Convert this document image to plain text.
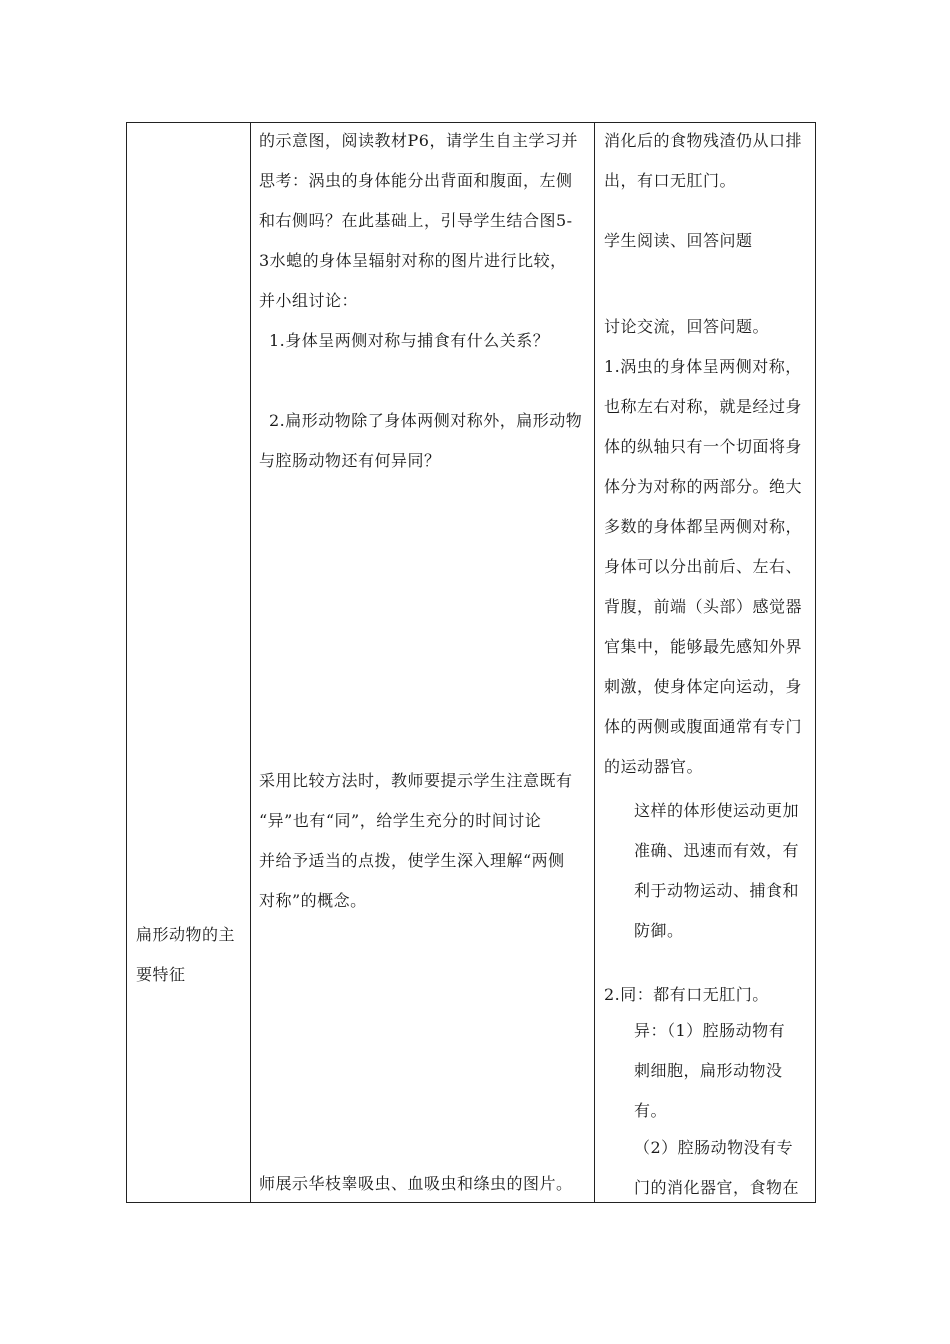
扁形动物的主
要特征
的示意图，阅读教材P6，请学生自主学习并
思考：涡虫的身体能分出背面和腹面，左侧
和右侧吗？在此基础上，引导学生结合图5-
3水螅的身体呈辐射对称的图片进行比较，
并小组讨论：
1.身体呈两侧对称与捕食有什么关系？
2.扁形动物除了身体两侧对称外，扁形动物
与腔肠动物还有何异同？
采用比较方法时，教师要提示学生注意既有
“异”也有“同”，给学生充分的时间讨论
并给予适当的点拨，使学生深入理解“两侧
对称”的概念。
师展示华枝睾吸虫、血吸虫和绦虫的图片。
消化后的食物残渣仍从口排
出，有口无肛门。
学生阅读、回答问题
讨论交流，回答问题。
1.涡虫的身体呈两侧对称，
也称左右对称，就是经过身
体的纵轴只有一个切面将身
体分为对称的两部分。绝大
多数的身体都呈两侧对称，
身体可以分出前后、左右、
背腹，前端（头部）感觉器
官集中，能够最先感知外界
刺激，使身体定向运动，身
体的两侧或腹面通常有专门
的运动器官。
这样的体形使运动更加
准确、迅速而有效，有
利于动物运动、捕食和
防御。
2.同：都有口无肛门。
异：（1）腔肠动物有
刺细胞，扁形动物没
有。
（2）腔肠动物没有专
门的消化器官，食物在
